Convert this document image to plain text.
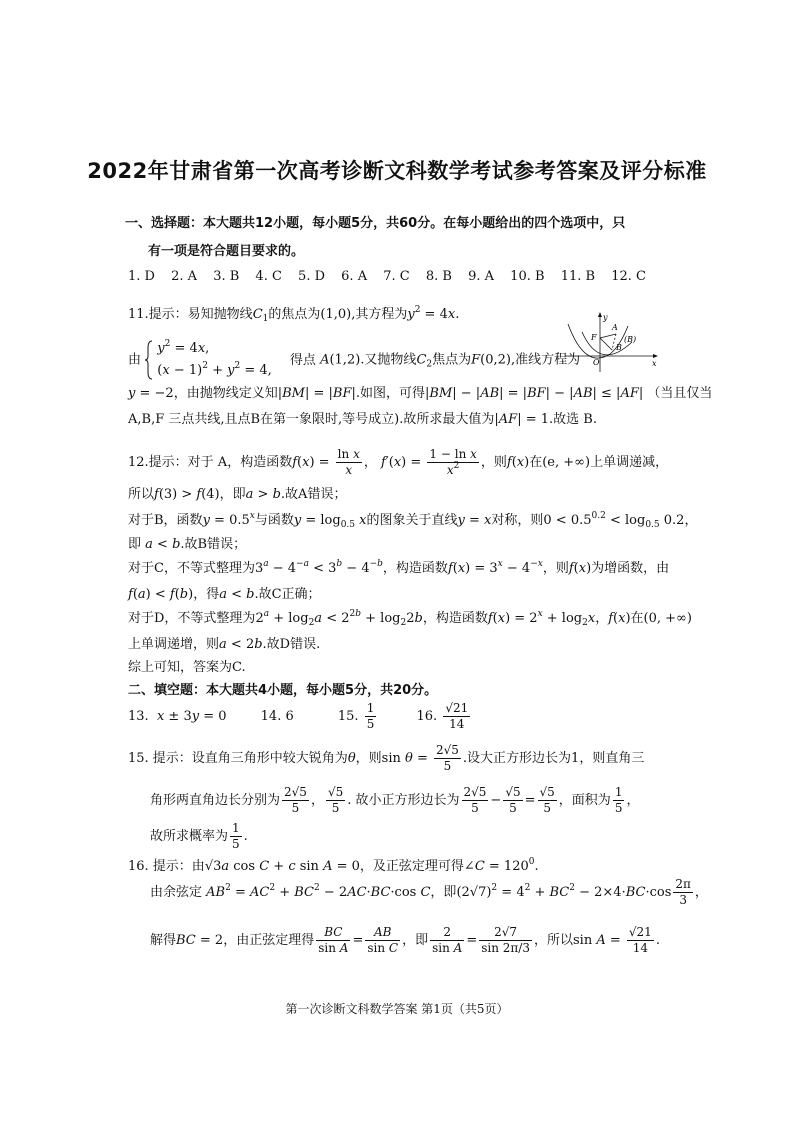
2022年甘肃省第一次高考诊断文科数学考试参考答案及评分标准
一、选择题：本大题共12小题，每小题5分，共60分。在每小题给出的四个选项中，只
有一项是符合题目要求的。
1. D 2. A 3. B 4. C 5. D 6. A 7. C 8. B 9. A 10. B 11. B 12. C
11.提示：易知抛物线$C_1$的焦点为(1,0),其方程为$y^2 = 4x$.
由  $y^2 = 4x$,
$(x - 1)^2 + y^2 = 4$, 得点 A(1,2).又抛物线$C_2$焦点为F(0,2),准线方程为
y = −2，由抛物线定义知|BM| = |BF|.如图，可得|BM| − |AB| = |BF| − |AB| ≤ |AF| （当且仅当
A,B,F 三点共线,且点B在第一象限时,等号成立).故所求最大值为|AF| = 1.故选 B.
y
F
A
(B)
B
O	x
12.提示：对于 A，构造函数$f(x) = \frac{\text{ln x}}{x}$ ， $f'(x) = \frac{\text{1 − ln x}}{x^2}$ ，则f(x)在(e, +∞)上单调递减，
所以f(3) > f(4)，即a > b.故A错误；
对于B，函数$y = 0.5^x$与函数$y = \log_{0.5} x$的图象关于直线y = x对称，则$0 < 0.5^{0.2} < \log_{0.5} 0.2$，
即 a < b.故B错误；
对于C，不等式整理为$3^a - 4^{-a} < 3^b - 4^{-b}$，构造函数$f(x) = 3^x - 4^{-x}$，则f(x)为增函数，由
f(a) < f(b)，得a < b.故C正确；
对于D，不等式整理为$2^a + \log_2a < 2^{2b} + \log_22b$，构造函数$f(x) = 2^x + \log_2x$，f(x)在(0, +∞)
上单调递增，则a < 2b.故D错误.
综上可知，答案为C.
二、填空题：本大题共4小题，每小题5分，共20分。
13. x ± 3y = 0 14. 6	15. $\frac{1}{5}$	16. $\frac{√21}{14}$
15. 提示：设直角三角形中较大锐角为θ，则$\sin \theta = \frac{2√5}{5}$ .设大正方形边长为1，则直角三
角形两直角边长分别为 $\frac{2√5}{5}$ ， $\frac{√5}{5}$ . 故小正方形边长为 $\frac{2√5}{5} - \frac{√5}{5} = \frac{√5}{5}$ ，面积为 $\frac{1}{5}$ ，
故所求概率为 $\frac{1}{5}$ .
16. 提示：由√3a cos C + c sin A = 0，及正弦定理可得∠C = $120^0$.
由余弦定 $AB^2 = AC^2 + BC^2 - 2AC\cdot BC\cdot\cos$ C，即$(2√7)^2 = 4^2 + BC^2 - 2\times 4\cdot BC\cdot\cos \frac{2\pi}{3}$ ，
解得BC = 2，由正弦定理得 $\frac{BC}{\text{sin A}} = \frac{AB}{\text{sin C}}$ ，即 $\frac{2}{\text{sin A}} = \frac{2√7}{\sin 2\pi/3}$ ，所以$\sin A = \frac{√21}{14}$ .
第一次诊断文科数学答案 第1页（共5页）
